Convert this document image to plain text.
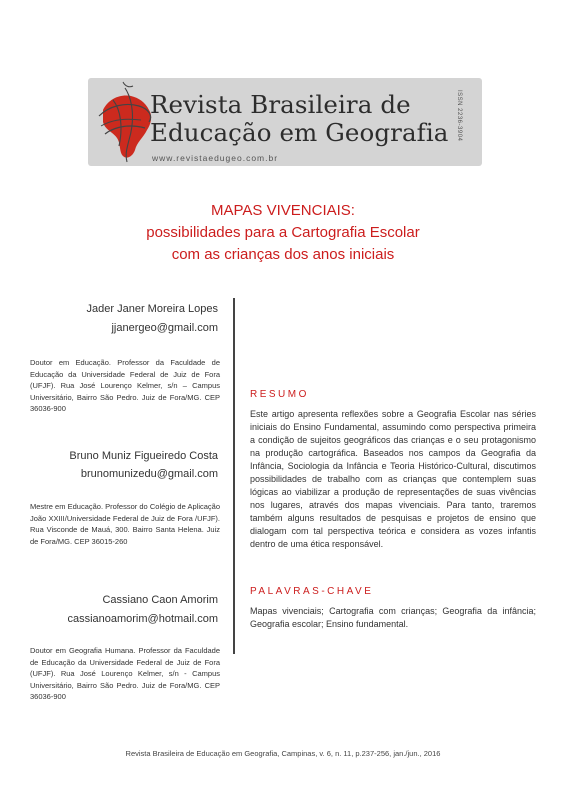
Revista Brasileira de
Educação em Geografia
www.revistaedugeo.com.br
ISSN 2236-3904
MAPAS VIVENCIAIS:
possibilidades para a Cartografia Escolar
com as crianças dos anos iniciais
Jader Janer Moreira Lopes
jjanergeo@gmail.com
Doutor em Educação. Professor da Faculdade de Educação da Universidade Federal de Juiz de Fora (UFJF). Rua José Lourenço Kelmer, s/n – Campus Universitário, Bairro São Pedro. Juiz de Fora/MG. CEP 36036-900
Bruno Muniz Figueiredo Costa
brunomunizedu@gmail.com
Mestre em Educação. Professor do Colégio de Aplicação João XXIII/Universidade Federal de Juiz de Fora /UFJF). Rua Visconde de Mauá, 300. Bairro Santa Helena. Juiz de Fora/MG. CEP 36015-260
Cassiano Caon Amorim
cassianoamorim@hotmail.com
Doutor em Geografia Humana. Professor da Faculdade de Educação da Universidade Federal de Juiz de Fora (UFJF). Rua José Lourenço Kelmer, s/n - Campus Universitário, Bairro São Pedro. Juiz de Fora/MG. CEP 36036-900
RESUMO
Este artigo apresenta reflexões sobre a Geografia Escolar nas séries iniciais do Ensino Fundamental, assumindo como perspectiva primeira a condição de sujeitos geográficos das crianças e o seu protagonismo na produção cartográfica. Baseados nos campos da Geografia da Infância, Sociologia da Infância e Teoria Histórico-Cultural, discutimos possibilidades de trabalho com as crianças que contemplem suas lógicas ao viabilizar a produção de representações de suas vivências nos lugares, através dos mapas vivenciais. Para tanto, traremos também alguns resultados de pesquisas e projetos de ensino que dialogam com tal perspectiva teórica e considera as vozes infantis dentro de uma ética responsável.
PALAVRAS-CHAVE
Mapas vivenciais; Cartografia com crianças; Geografia da infância; Geografia escolar; Ensino fundamental.
Revista Brasileira de Educação em Geografia, Campinas, v. 6, n. 11, p.237-256, jan./jun., 2016
